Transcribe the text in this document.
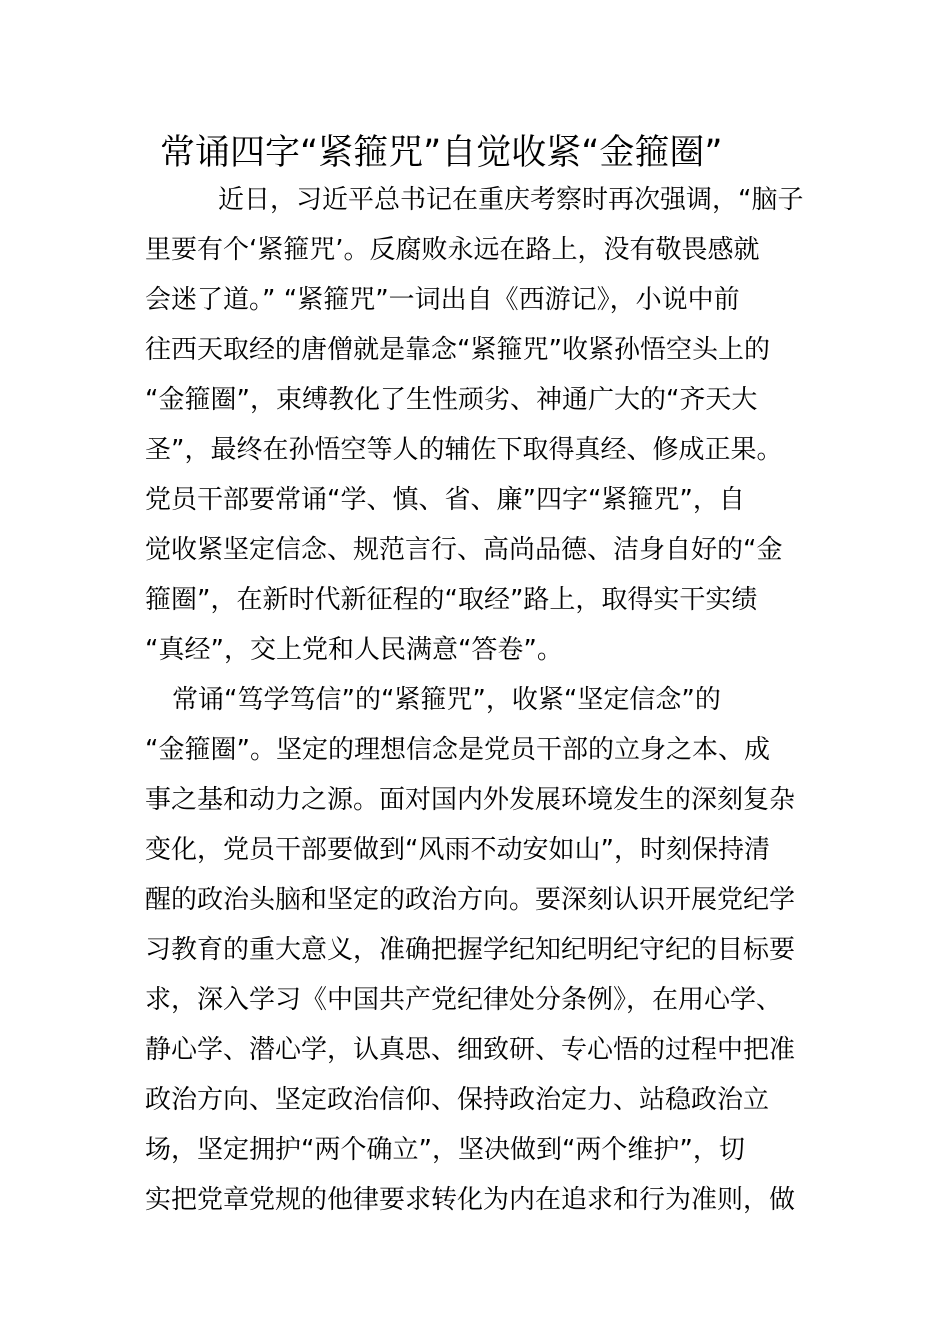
常诵四字“紧箍咒”自觉收紧“金箍圈”
近日，习近平总书记在重庆考察时再次强调，“脑子
里要有个‘紧箍咒’。反腐败永远在路上，没有敬畏感就
会迷了道。” “紧箍咒”一词出自《西游记》，小说中前
往西天取经的唐僧就是靠念“紧箍咒”收紧孙悟空头上的
“金箍圈”，束缚教化了生性顽劣、神通广大的“齐天大
圣”，最终在孙悟空等人的辅佐下取得真经、修成正果。
党员干部要常诵“学、慎、省、廉”四字“紧箍咒”，自
觉收紧坚定信念、规范言行、高尚品德、洁身自好的“金
箍圈”，在新时代新征程的“取经”路上，取得实干实绩
“真经”，交上党和人民满意“答卷”。
常诵“笃学笃信”的“紧箍咒”，收紧“坚定信念”的
“金箍圈”。坚定的理想信念是党员干部的立身之本、成
事之基和动力之源。面对国内外发展环境发生的深刻复杂
变化，党员干部要做到“风雨不动安如山”，时刻保持清
醒的政治头脑和坚定的政治方向。要深刻认识开展党纪学
习教育的重大意义，准确把握学纪知纪明纪守纪的目标要
求，深入学习《中国共产党纪律处分条例》，在用心学、
静心学、潜心学，认真思、细致研、专心悟的过程中把准
政治方向、坚定政治信仰、保持政治定力、站稳政治立
场，坚定拥护“两个确立”，坚决做到“两个维护”，切
实把党章党规的他律要求转化为内在追求和行为准则，做
